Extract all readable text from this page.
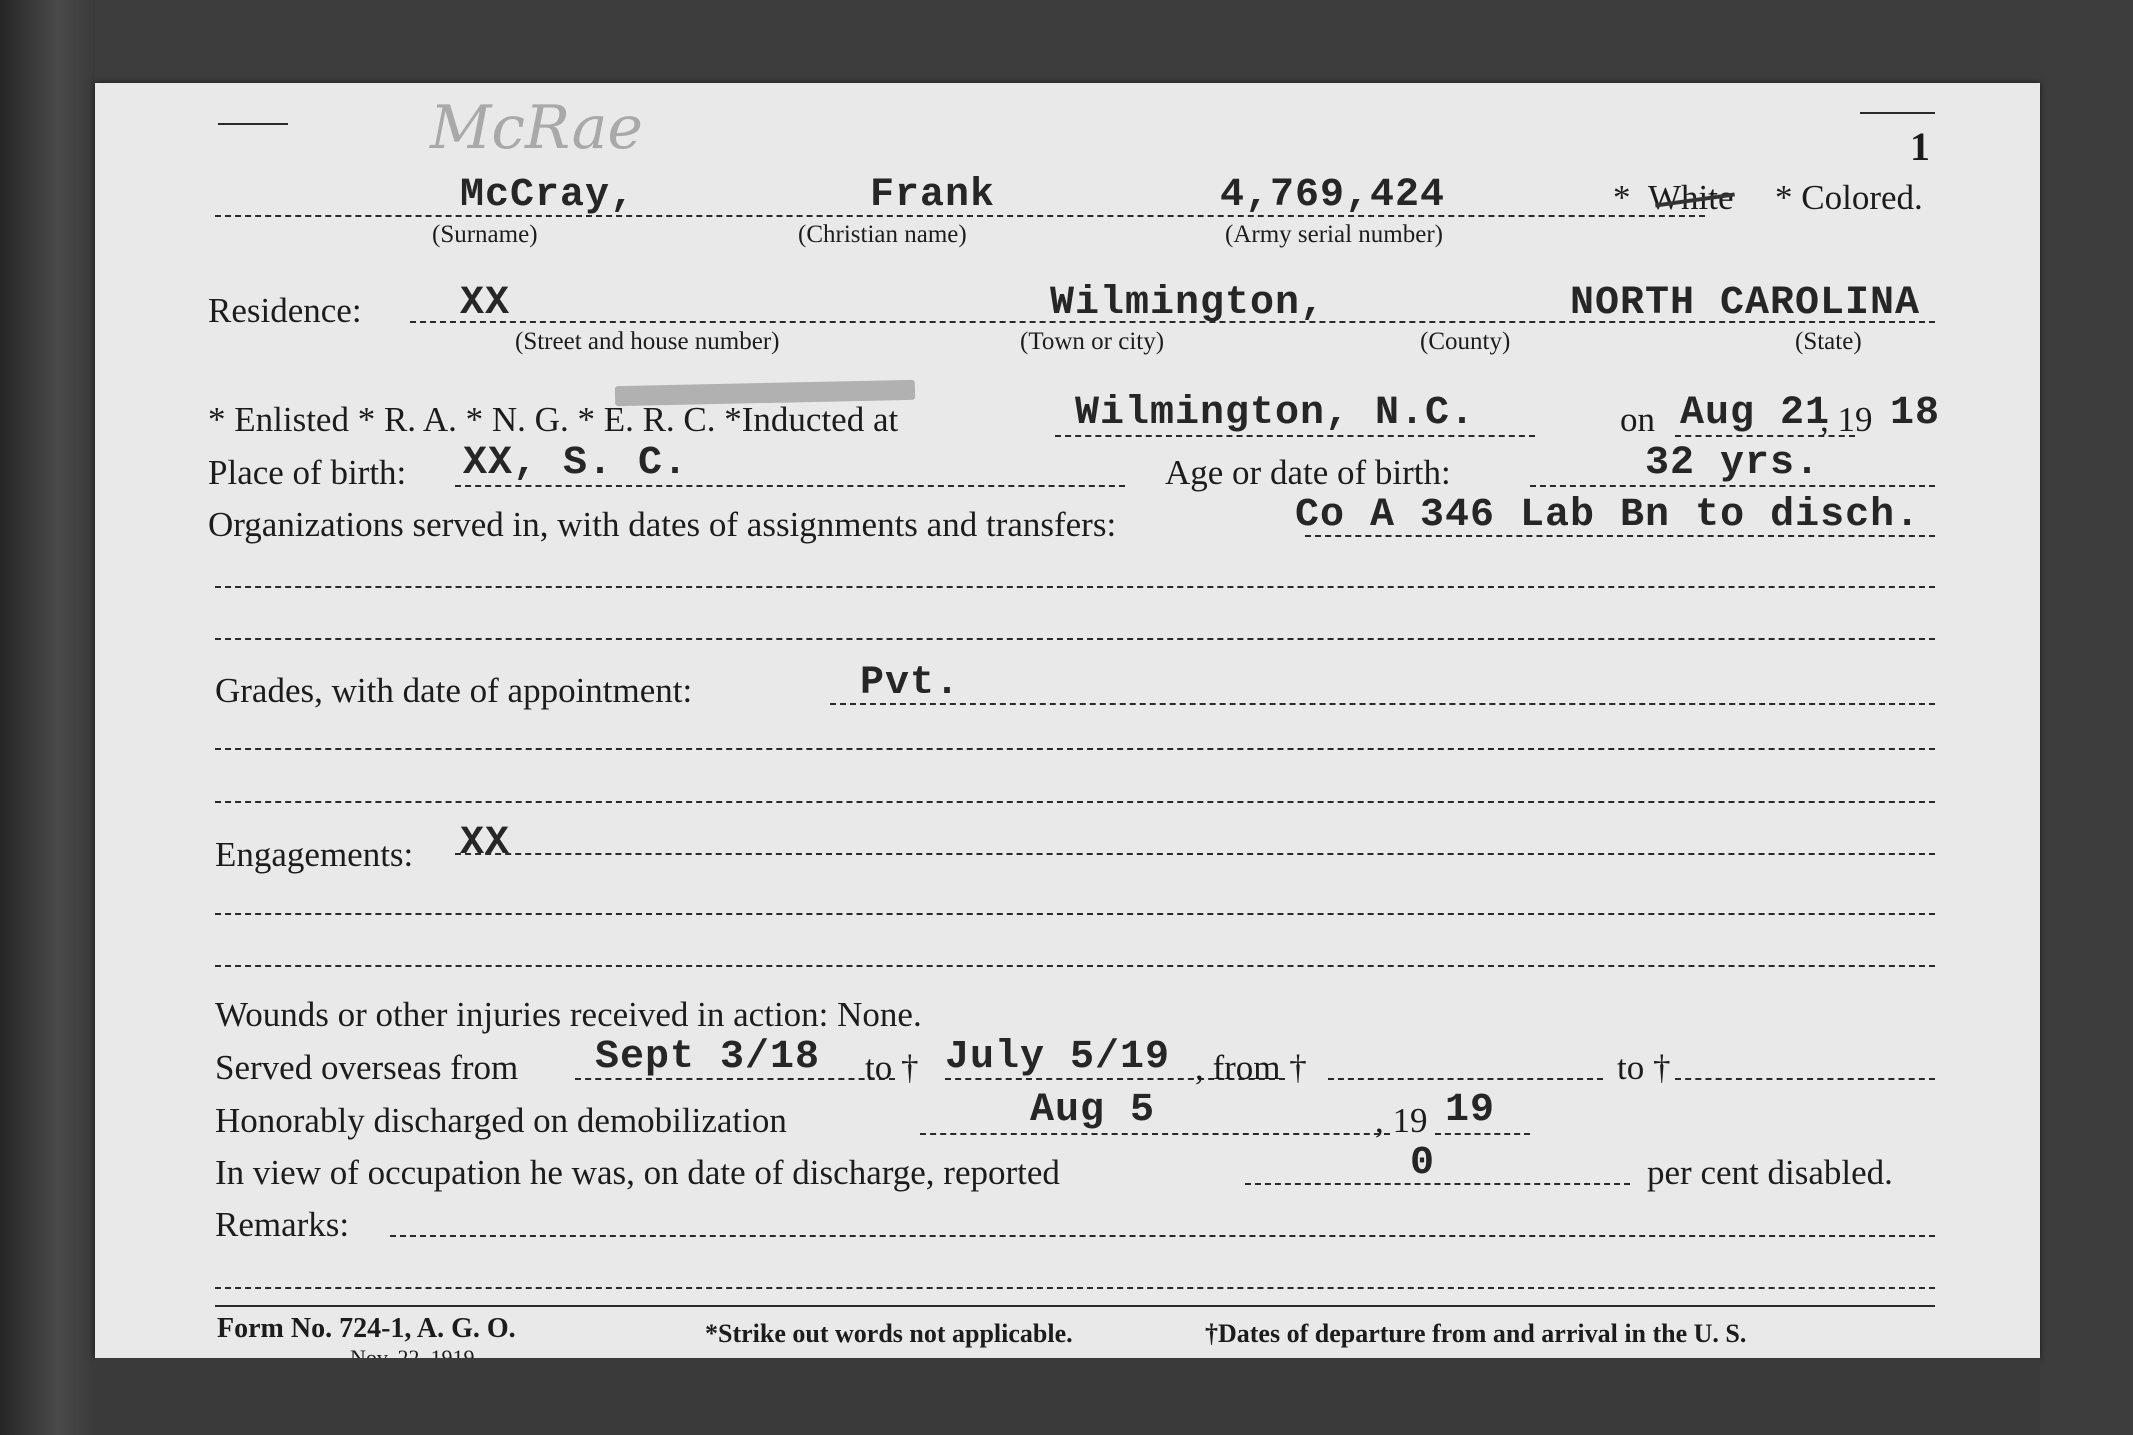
1
McRae
McCray,	Frank	4,769,424	* White * Colored.
(Surname)	(Christian name)	(Army serial number)
Residence: XX	Wilmington,	NORTH CAROLINA
(Street and house number)	(Town or city)	(County)	(State)
* Enlisted * R. A. * N. G. * E. R. C. *Inducted at	Wilmington, N.C.	on Aug 21
, 19 18
Place of birth: XX, S. C.	Age or date of birth:	32 yrs.
Organizations served in, with dates of assignments and transfers:	Co A 346 Lab Bn to disch.
Grades, with date of appointment:	Pvt.
Engagements: XX
Wounds or other injuries received in action: None.
Served overseas from Sept 3/18 to † July 5/19 , from †	to †
Honorably discharged on demobilization	Aug 5	, 19 19
In view of occupation he was, on date of discharge, reported	0	per cent disabled.
Remarks:
Form No. 724-1, A. G. O.	*Strike out words not applicable.	†Dates of departure from and arrival in the U. S.
